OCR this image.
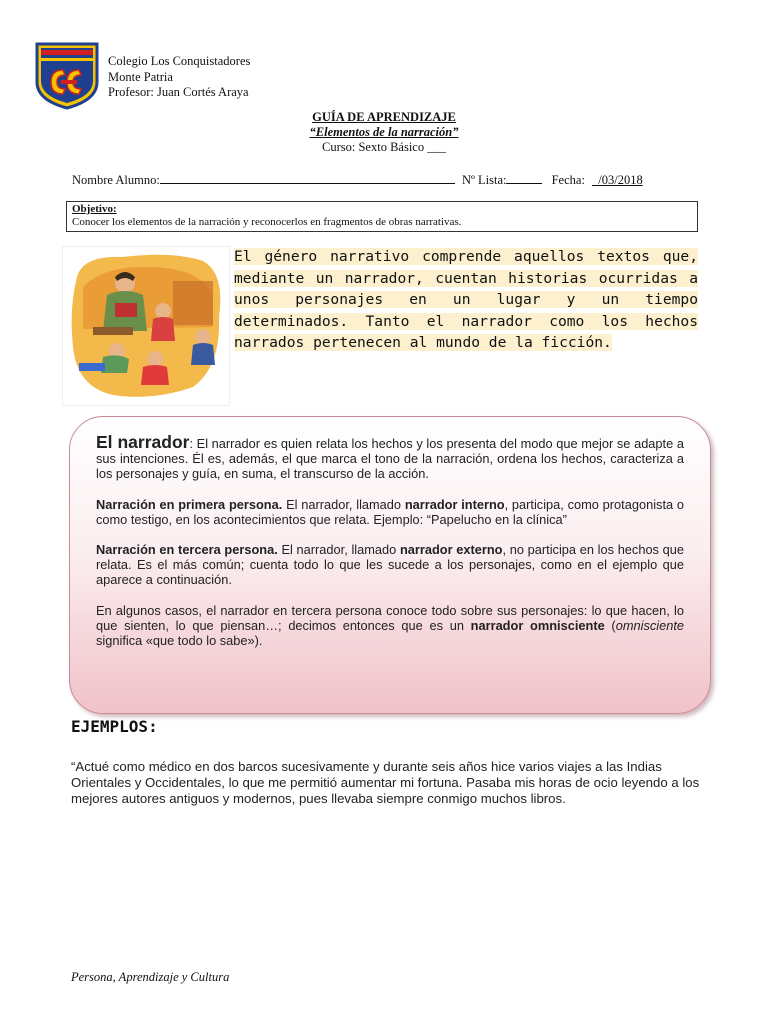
Colegio Los Conquistadores
Monte Patria
Profesor: Juan Cortés Araya
GUÍA DE APRENDIZAJE
“Elementos de la narración”
Curso: Sexto Básico ___
Nombre Alumno:	Nº Lista:	Fecha: _/03/2018
Objetivo:
Conocer los elementos de la narración y reconocerlos en fragmentos de obras narrativas.
El género narrativo comprende aquellos textos que, mediante un narrador, cuentan historias ocurridas a unos personajes en un lugar y un tiempo determinados. Tanto el narrador como los hechos narrados pertenecen al mundo de la ficción.

El narrador: El narrador es quien relata los hechos y los presenta del modo que mejor se adapte a sus intenciones. Él es, además, el que marca el tono de la narración, ordena los hechos, caracteriza a los personajes y guía, en suma, el transcurso de la acción.

Narración en primera persona. El narrador, llamado narrador interno, participa, como protagonista o como testigo, en los acontecimientos que relata. Ejemplo: “Papelucho en la clínica”

Narración en tercera persona. El narrador, llamado narrador externo, no participa en los hechos que relata. Es el más común; cuenta todo lo que les sucede a los personajes, como en el ejemplo que aparece a continuación.

En algunos casos, el narrador en tercera persona conoce todo sobre sus personajes: lo que hacen, lo que sienten, lo que piensan…; decimos entonces que es un narrador omnisciente (omnisciente significa «que todo lo sabe»).

EJEMPLOS:
“Actué como médico en dos barcos sucesivamente y durante seis años hice varios viajes a las Indias Orientales y Occidentales, lo que me permitió aumentar mi fortuna. Pasaba mis horas de ocio leyendo a los mejores autores antiguos y modernos, pues llevaba siempre conmigo muchos libros.
Persona, Aprendizaje y Cultura
